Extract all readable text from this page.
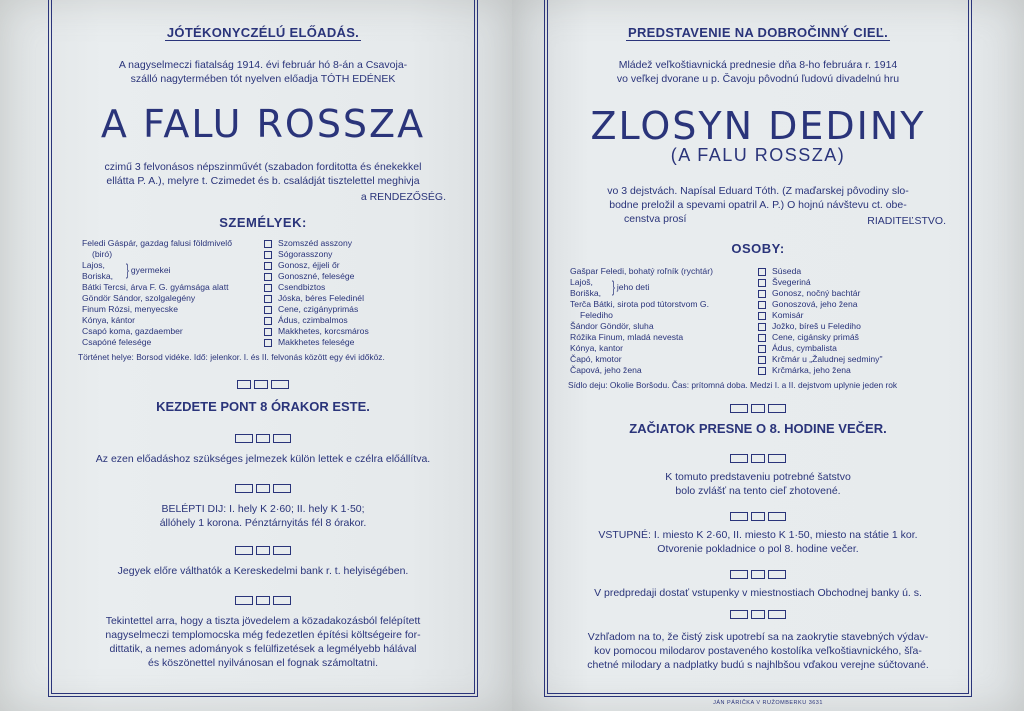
JÓTÉKONYCZÉLÚ ELŐADÁS.
A nagyselmeczi fiatalság 1914. évi február hó 8-án a Csavoja-
szálló nagytermében tót nyelven előadja TÓTH EDÉNEK
A FALU ROSSZA
czimű 3 felvonásos népszinművét (szabadon forditotta és énekekkel
ellátta P. A.), melyre t. Czimedet és b. családját tisztelettel meghivja
a RENDEZŐSÉG.
SZEMÉLYEK:
Feledi Gáspár, gazdag falusi földmivelő
(biró)
Lajos,
Boriska, } gyermekei
Bátki Tercsi, árva F. G. gyámsága alatt
Göndör Sándor, szolgalegény
Finum Rózsi, menyecske
Kónya, kántor
Csapó koma, gazdaember
Csapóné felesége
Szomszéd asszony
Sógorasszony
Gonosz, éjjeli őr
Gonoszné, felesége
Csendbiztos
Jóska, béres Feledinél
Cene, czigányprimás
Ádus, czimbalmos
Makkhetes, korcsmáros
Makkhetes felesége
Történet helye: Borsod vidéke. Idő: jelenkor. I. és II. felvonás között egy évi időköz.
KEZDETE PONT 8 ÓRAKOR ESTE.
Az ezen előadáshoz szükséges jelmezek külön lettek e czélra előállítva.
BELÉPTI DIJ: I. hely K 2·60; II. hely K 1·50;
állóhely 1 korona. Pénztárnyitás fél 8 órakor.
Jegyek előre válthatók a Kereskedelmi bank r. t. helyiségében.
Tekintettel arra, hogy a tiszta jövedelem a közadakozásból felépített
nagyselmeczi templomocska még fedezetlen építési költségeire for-
dittatik, a nemes adományok s felülfizetések a legmélyebb hálával
és köszönettel nyilvánosan el fognak számoltatni.
PREDSTAVENIE NA DOBROČINNÝ CIEĽ.
Mládež veľkoštiavnická prednesie dňa 8-ho februára r. 1914
vo veľkej dvorane u p. Čavoju pôvodnú ľudovú divadelnú hru
ZLOSYN DEDINY
(A FALU ROSSZA)
vo 3 dejstvách. Napísal Eduard Tóth. (Z maďarskej pôvodiny slo-
bodne preložil a spevami opatril A. P.) O hojnú návštevu ct. obe-
censtva prosí	RIADITEĽSTVO.
OSOBY:
Gašpar Feledi, bohatý roľník (rychtár)
Lajoš,
Boriška, } jeho deti
Terča Bátki, sirota pod tútorstvom G.
Felediho
Šándor Göndör, sluha
Róžika Finum, mladá nevesta
Kónya, kantor
Čapó, kmotor
Čapová, jeho žena
Súseda
Švegeriná
Gonosz, nočný bachtár
Gonoszová, jeho žena
Komisár
Jožko, bíreš u Felediho
Cene, cigánsky primáš
Ádus, cymbalista
Krčmár u „Žaludnej sedminy"
Krčmárka, jeho žena
Sídlo deju: Okolie Boršodu. Čas: prítomná doba. Medzi I. a II. dejstvom uplynie jeden rok
ZAČIATOK PRESNE O 8. HODINE VEČER.
K tomuto predstaveniu potrebné šatstvo
bolo zvlášť na tento cieľ zhotovené.
VSTUPNÉ: I. miesto K 2·60, II. miesto K 1·50, miesto na státie 1 kor.
Otvorenie pokladnice o pol 8. hodine večer.
V predpredaji dostať vstupenky v miestnostiach Obchodnej banky ú. s.
Vzhľadom na to, že čistý zisk upotrebí sa na zaokrytie stavebných výdav-
kov pomocou milodarov postaveného kostolíka veľkoštiavnického, šľa-
chetné milodary a nadplatky budú s najhlbšou vďakou verejne súčtované.
JÁN PÁRIČKA V RUŽOMBERKU 3631
